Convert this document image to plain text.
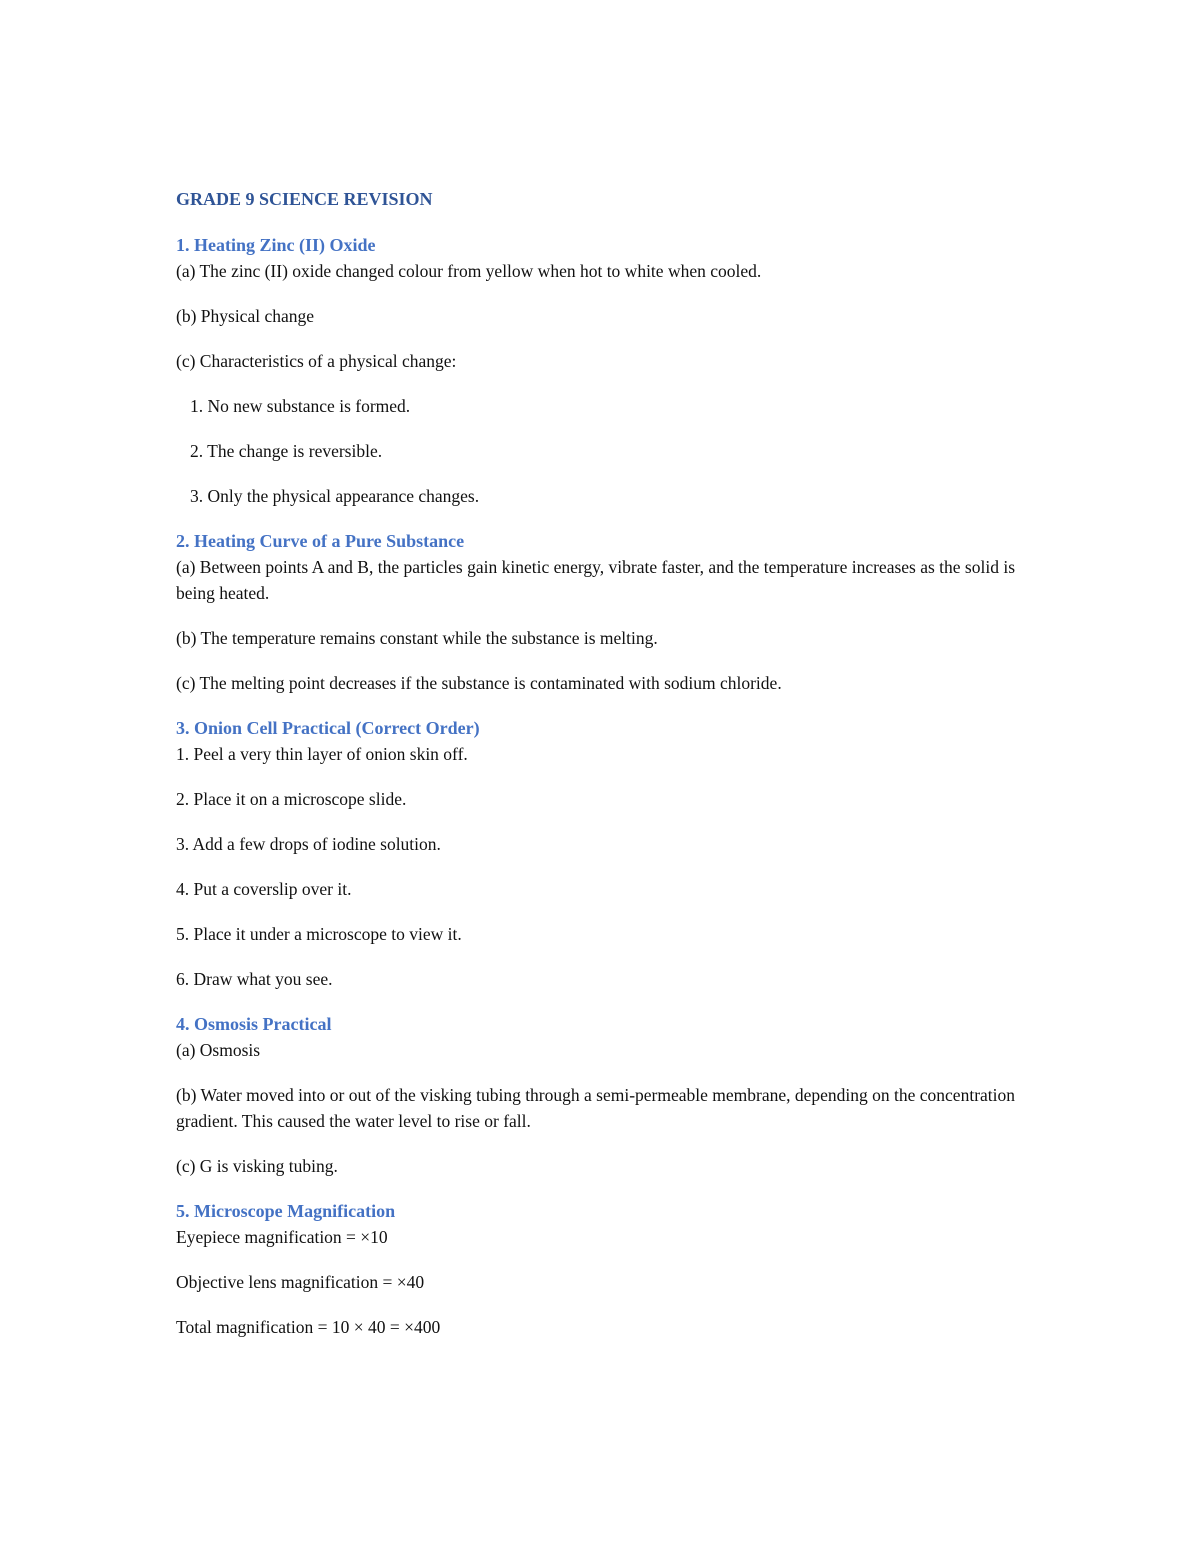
GRADE 9 SCIENCE REVISION
1. Heating Zinc (II) Oxide

(a) The zinc (II) oxide changed colour from yellow when hot to white when cooled.

(b) Physical change

(c) Characteristics of a physical change:

1. No new substance is formed.

2. The change is reversible.

3. Only the physical appearance changes.

2. Heating Curve of a Pure Substance

(a) Between points A and B, the particles gain kinetic energy, vibrate faster, and the temperature increases as the solid is being heated.

(b) The temperature remains constant while the substance is melting.

(c) The melting point decreases if the substance is contaminated with sodium chloride.

3. Onion Cell Practical (Correct Order)

1. Peel a very thin layer of onion skin off.

2. Place it on a microscope slide.

3. Add a few drops of iodine solution.

4. Put a coverslip over it.

5. Place it under a microscope to view it.

6. Draw what you see.

4. Osmosis Practical

(a) Osmosis

(b) Water moved into or out of the visking tubing through a semi-permeable membrane, depending on the concentration gradient. This caused the water level to rise or fall.

(c) G is visking tubing.

5. Microscope Magnification

Eyepiece magnification = ×10

Objective lens magnification = ×40

Total magnification = 10 × 40 = ×400
